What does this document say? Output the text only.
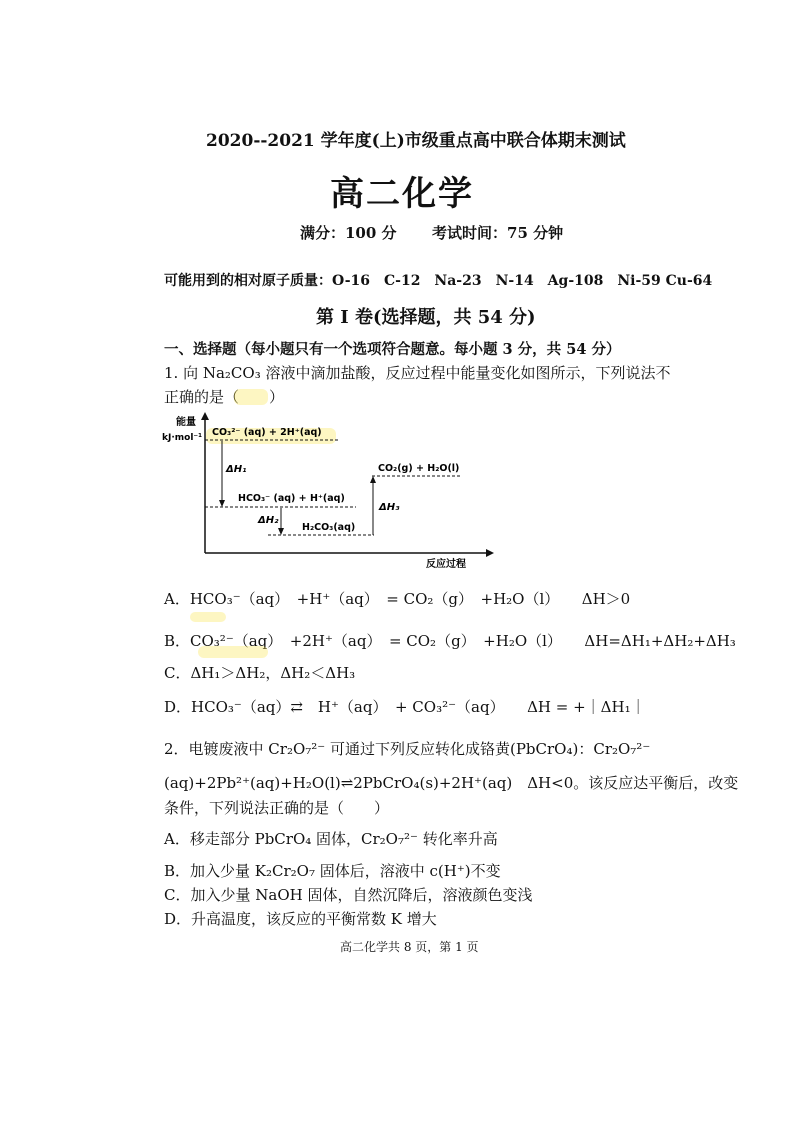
2020--2021 学年度(上)市级重点高中联合体期末测试
高二化学
满分：100 分 考试时间：75 分钟
可能用到的相对原子质量：O-16　C-12　Na-23　N-14　Ag-108　Ni-59 Cu-64
第 I 卷(选择题，共 54 分)
一、选择题（每小题只有一个选项符合题意。每小题 3 分，共 54 分）
1. 向 Na₂CO₃ 溶液中滴加盐酸，反应过程中能量变化如图所示，下列说法不
正确的是（　　）
能量
kJ·mol⁻¹
反应过程
CO₃²⁻ (aq) + 2H⁺(aq)
HCO₃⁻ (aq) + H⁺(aq)
H₂CO₃(aq)
CO₂(g) + H₂O(l)
ΔH₁
ΔH₂
ΔH₃
A．HCO₃⁻（aq）　+H⁺（aq）　= CO₂（g）　+H₂O（l）　　ΔH＞0
B．CO₃²⁻（aq）　+2H⁺（aq）　= CO₂（g）　+H₂O（l）　　ΔH=ΔH₁+ΔH₂+ΔH₃
C．ΔH₁＞ΔH₂，ΔH₂＜ΔH₃
D．HCO₃⁻（aq）⇄　H⁺（aq）　+ CO₃²⁻（aq）　　ΔH = +｜ΔH₁｜
2．电镀废液中 Cr₂O₇²⁻ 可通过下列反应转化成铬黄(PbCrO₄)：Cr₂O₇²⁻
(aq)+2Pb²⁺(aq)+H₂O(l)⇌2PbCrO₄(s)+2H⁺(aq)　ΔH<0。该反应达平衡后，改变
条件，下列说法正确的是（　　）
A．移走部分 PbCrO₄ 固体，Cr₂O₇²⁻ 转化率升高
B．加入少量 K₂Cr₂O₇ 固体后，溶液中 c(H⁺)不变
C．加入少量 NaOH 固体，自然沉降后，溶液颜色变浅
D．升高温度，该反应的平衡常数 K 增大
高二化学共 8 页，第 1 页
